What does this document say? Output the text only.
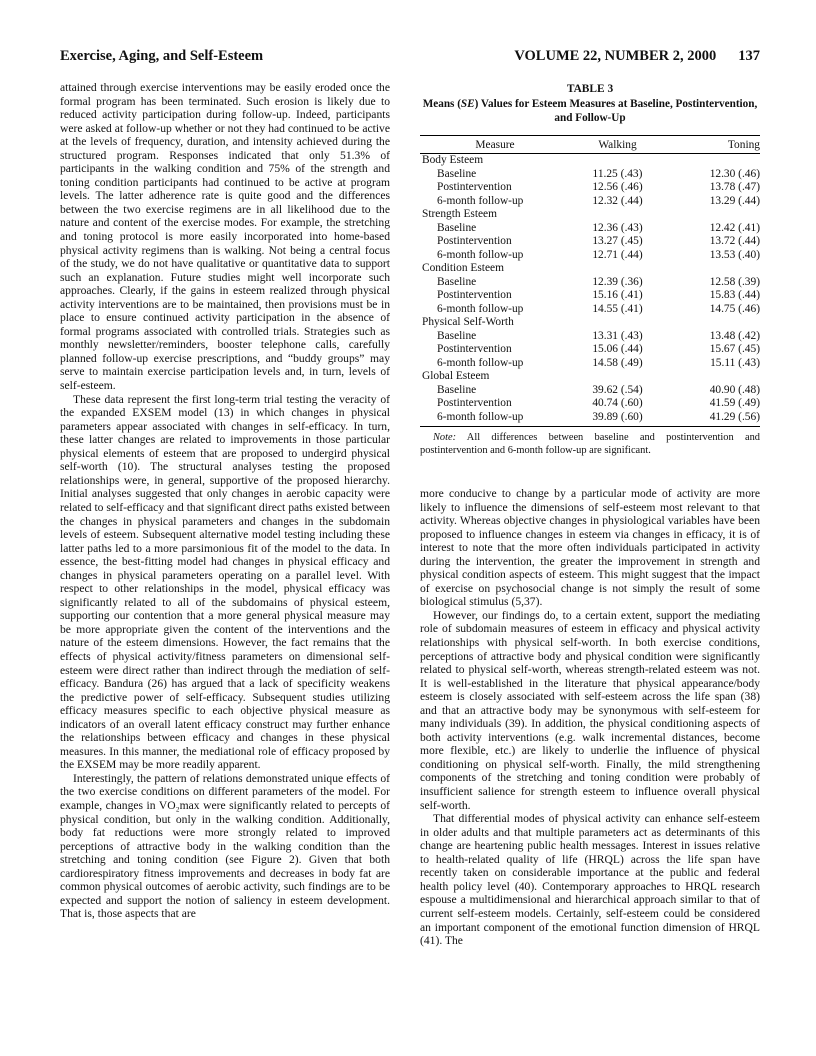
Exercise, Aging, and Self-Esteem	VOLUME 22, NUMBER 2, 2000 137

attained through exercise interventions may be easily eroded once the formal program has been terminated. Such erosion is likely due to reduced activity participation during follow-up. Indeed, participants were asked at follow-up whether or not they had continued to be active at the levels of frequency, duration, and intensity achieved during the structured program. Responses indicated that only 51.3% of participants in the walking condition and 75% of the strength and toning condition participants had continued to be active at program levels. The latter adherence rate is quite good and the differences between the two exercise regimens are in all likelihood due to the nature and content of the exercise modes. For example, the stretching and toning protocol is more easily incorporated into home-based physical activity regimens than is walking. Not being a central focus of the study, we do not have qualitative or quantitative data to support such an explanation. Future studies might well incorporate such approaches. Clearly, if the gains in esteem realized through physical activity interventions are to be maintained, then provisions must be in place to ensure continued activity participation in the absence of formal programs associated with controlled trials. Strategies such as monthly newsletter/reminders, booster telephone calls, carefully planned follow-up exercise prescriptions, and “buddy groups” may serve to maintain exercise participation levels and, in turn, levels of self-esteem.

These data represent the first long-term trial testing the veracity of the expanded EXSEM model (13) in which changes in physical parameters appear associated with changes in self-efficacy. In turn, these latter changes are related to improvements in those particular physical elements of esteem that are proposed to undergird physical self-worth (10). The structural analyses testing the proposed relationships were, in general, supportive of the proposed hierarchy. Initial analyses suggested that only changes in aerobic capacity were related to self-efficacy and that significant direct paths existed between the changes in physical parameters and changes in the subdomain levels of esteem. Subsequent alternative model testing including these latter paths led to a more parsimonious fit of the model to the data. In essence, the best-fitting model had changes in physical efficacy and changes in physical parameters operating on a parallel level. With respect to other relationships in the model, physical efficacy was significantly related to all of the subdomains of physical esteem, supporting our contention that a more general physical measure may be more appropriate given the content of the interventions and the nature of the esteem dimensions. However, the fact remains that the effects of physical activity/fitness parameters on dimensional self-esteem were direct rather than indirect through the mediation of self-efficacy. Bandura (26) has argued that a lack of specificity weakens the predictive power of self-efficacy. Subsequent studies utilizing efficacy measures specific to each objective physical measure as indicators of an overall latent efficacy construct may further enhance the relationships between efficacy and changes in these physical measures. In this manner, the mediational role of efficacy proposed by the EXSEM may be more readily apparent.

Interestingly, the pattern of relations demonstrated unique effects of the two exercise conditions on different parameters of the model. For example, changes in VO₂max were significantly related to percepts of physical condition, but only in the walking condition. Additionally, body fat reductions were more strongly related to improved perceptions of attractive body in the walking condition than the stretching and toning condition (see Figure 2). Given that both cardiorespiratory fitness improvements and decreases in body fat are common physical outcomes of aerobic activity, such findings are to be expected and support the notion of saliency in esteem development. That is, those aspects that are

TABLE 3
Means (SE) Values for Esteem Measures at Baseline, Postintervention, and Follow-Up
Measure	Walking	Toning
Body Esteem		
Baseline	11.25 (.43)	12.30 (.46)
Postintervention	12.56 (.46)	13.78 (.47)
6-month follow-up	12.32 (.44)	13.29 (.44)
Strength Esteem		
Baseline	12.36 (.43)	12.42 (.41)
Postintervention	13.27 (.45)	13.72 (.44)
6-month follow-up	12.71 (.44)	13.53 (.40)
Condition Esteem		
Baseline	12.39 (.36)	12.58 (.39)
Postintervention	15.16 (.41)	15.83 (.44)
6-month follow-up	14.55 (.41)	14.75 (.46)
Physical Self-Worth		
Baseline	13.31 (.43)	13.48 (.42)
Postintervention	15.06 (.44)	15.67 (.45)
6-month follow-up	14.58 (.49)	15.11 (.43)
Global Esteem		
Baseline	39.62 (.54)	40.90 (.48)
Postintervention	40.74 (.60)	41.59 (.49)
6-month follow-up	39.89 (.60)	41.29 (.56)
Note: All differences between baseline and postintervention and postintervention and 6-month follow-up are significant.

more conducive to change by a particular mode of activity are more likely to influence the dimensions of self-esteem most relevant to that activity. Whereas objective changes in physiological variables have been proposed to influence changes in esteem via changes in efficacy, it is of interest to note that the more often individuals participated in activity during the intervention, the greater the improvement in strength and physical condition aspects of esteem. This might suggest that the impact of exercise on psychosocial change is not simply the result of some biological stimulus (5,37).

However, our findings do, to a certain extent, support the mediating role of subdomain measures of esteem in efficacy and physical activity relationships with physical self-worth. In both exercise conditions, perceptions of attractive body and physical condition were significantly related to physical self-worth, whereas strength-related esteem was not. It is well-established in the literature that physical appearance/body esteem is closely associated with self-esteem across the life span (38) and that an attractive body may be synonymous with self-esteem for many individuals (39). In addition, the physical conditioning aspects of both activity interventions (e.g. walk incremental distances, become more flexible, etc.) are likely to underlie the influence of physical conditioning on physical self-worth. Finally, the mild strengthening components of the stretching and toning condition were probably of insufficient salience for strength esteem to influence overall physical self-worth.

That differential modes of physical activity can enhance self-esteem in older adults and that multiple parameters act as determinants of this change are heartening public health messages. Interest in issues relative to health-related quality of life (HRQL) across the life span have recently taken on considerable importance at the public and federal health policy level (40). Contemporary approaches to HRQL research espouse a multidimensional and hierarchical approach similar to that of current self-esteem models. Certainly, self-esteem could be considered an important component of the emotional function dimension of HRQL (41). The
